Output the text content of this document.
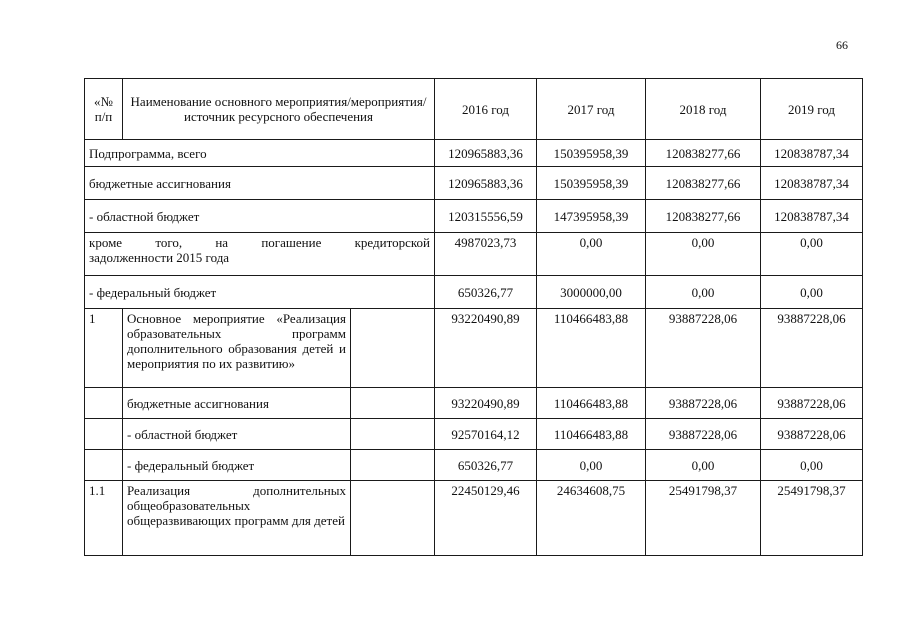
66
«№ п/п	Наименование основного мероприятия/мероприятия/источник ресурсного обеспечения		2016 год	2017 год	2018 год	2019 год
Подпрограмма, всего			120965883,36	150395958,39	120838277,66	120838787,34
бюджетные ассигнования			120965883,36	150395958,39	120838277,66	120838787,34
- областной бюджет			120315556,59	147395958,39	120838277,66	120838787,34

кроме того, на погашение кредиторской
задолженности 2015 года			4987023,73	0,00	0,00	0,00
- федеральный бюджет			650326,77	3000000,00	0,00	0,00
1	Основное мероприятие «Реализация образовательных программ дополнительного образования детей и мероприятия по их развитию»		93220490,89	110466483,88	93887228,06	93887228,06
	бюджетные ассигнования		93220490,89	110466483,88	93887228,06	93887228,06
	- областной бюджет		92570164,12	110466483,88	93887228,06	93887228,06
	- федеральный бюджет		650326,77	0,00	0,00	0,00
1.1	Реализация дополнительных общеобразовательных общеразвивающих программ для детей		22450129,46	24634608,75	25491798,37	25491798,37
